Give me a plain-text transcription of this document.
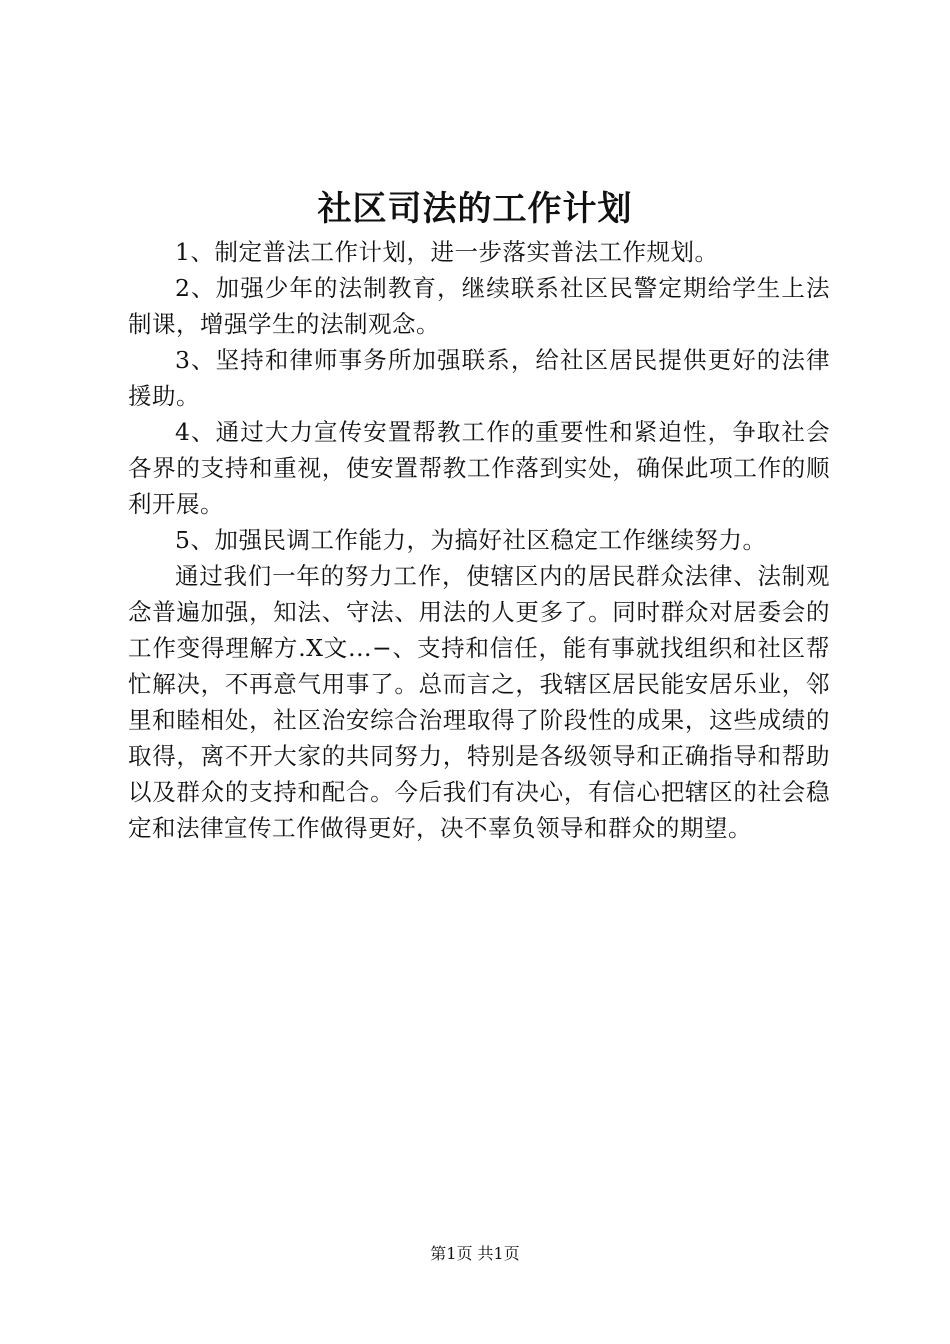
社区司法的工作计划

1、制定普法工作计划，进一步落实普法工作规划。

2、加强少年的法制教育，继续联系社区民警定期给学生上法制课，增强学生的法制观念。

3、坚持和律师事务所加强联系，给社区居民提供更好的法律援助。

4、通过大力宣传安置帮教工作的重要性和紧迫性，争取社会各界的支持和重视，使安置帮教工作落到实处，确保此项工作的顺利开展。

5、加强民调工作能力，为搞好社区稳定工作继续努力。

通过我们一年的努力工作，使辖区内的居民群众法律、法制观念普遍加强，知法、守法、用法的人更多了。同时群众对居委会的工作变得理解方.X文...−、支持和信任，能有事就找组织和社区帮忙解决，不再意气用事了。总而言之，我辖区居民能安居乐业，邻里和睦相处，社区治安综合治理取得了阶段性的成果，这些成绩的取得，离不开大家的共同努力，特别是各级领导和正确指导和帮助以及群众的支持和配合。今后我们有决心，有信心把辖区的社会稳定和法律宣传工作做得更好，决不辜负领导和群众的期望。

第1页 共1页
